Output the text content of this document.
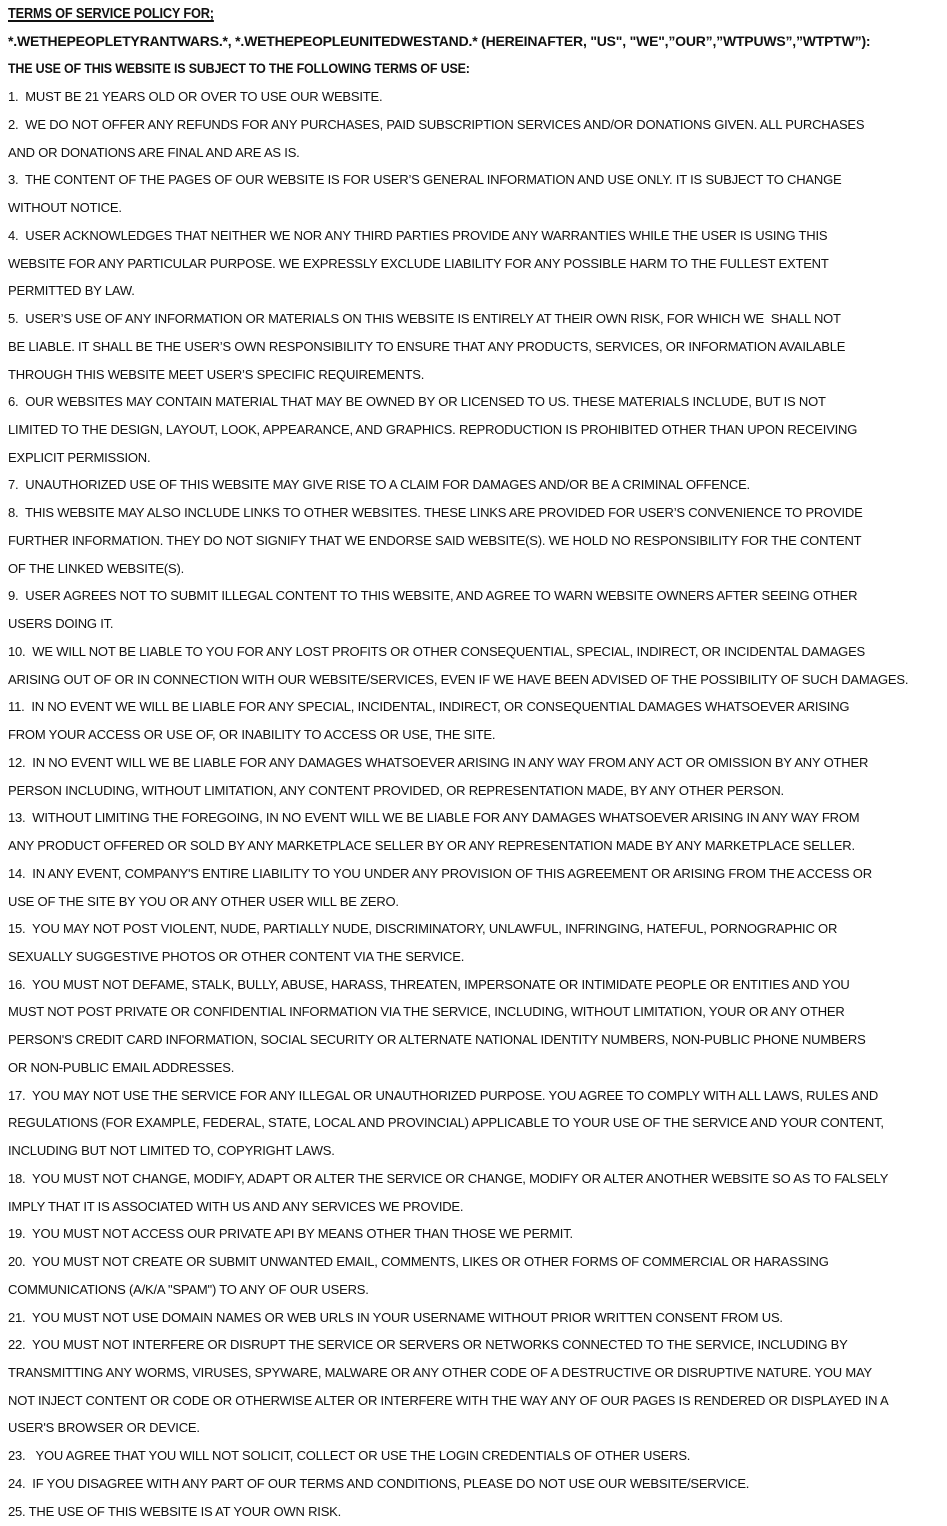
TERMS OF SERVICE POLICY FOR;
*.WETHEPEOPLETYRANTWARS.*, *.WETHEPEOPLEUNITEDWESTAND.* (HEREINAFTER, "US", "WE",”OUR”,”WTPUWS”,”WTPTW”):
THE USE OF THIS WEBSITE IS SUBJECT TO THE FOLLOWING TERMS OF USE:
1.  MUST BE 21 YEARS OLD OR OVER TO USE OUR WEBSITE.
2.  WE DO NOT OFFER ANY REFUNDS FOR ANY PURCHASES, PAID SUBSCRIPTION SERVICES AND/OR DONATIONS GIVEN. ALL PURCHASES
AND OR DONATIONS ARE FINAL AND ARE AS IS.
3.  THE CONTENT OF THE PAGES OF OUR WEBSITE IS FOR USER’S GENERAL INFORMATION AND USE ONLY. IT IS SUBJECT TO CHANGE
WITHOUT NOTICE.
4.  USER ACKNOWLEDGES THAT NEITHER WE NOR ANY THIRD PARTIES PROVIDE ANY WARRANTIES WHILE THE USER IS USING THIS
WEBSITE FOR ANY PARTICULAR PURPOSE. WE EXPRESSLY EXCLUDE LIABILITY FOR ANY POSSIBLE HARM TO THE FULLEST EXTENT
PERMITTED BY LAW.
5.  USER’S USE OF ANY INFORMATION OR MATERIALS ON THIS WEBSITE IS ENTIRELY AT THEIR OWN RISK, FOR WHICH WE  SHALL NOT
BE LIABLE. IT SHALL BE THE USER’S OWN RESPONSIBILITY TO ENSURE THAT ANY PRODUCTS, SERVICES, OR INFORMATION AVAILABLE
THROUGH THIS WEBSITE MEET USER’S SPECIFIC REQUIREMENTS.
6.  OUR WEBSITES MAY CONTAIN MATERIAL THAT MAY BE OWNED BY OR LICENSED TO US. THESE MATERIALS INCLUDE, BUT IS NOT
LIMITED TO THE DESIGN, LAYOUT, LOOK, APPEARANCE, AND GRAPHICS. REPRODUCTION IS PROHIBITED OTHER THAN UPON RECEIVING
EXPLICIT PERMISSION.
7.  UNAUTHORIZED USE OF THIS WEBSITE MAY GIVE RISE TO A CLAIM FOR DAMAGES AND/OR BE A CRIMINAL OFFENCE.
8.  THIS WEBSITE MAY ALSO INCLUDE LINKS TO OTHER WEBSITES. THESE LINKS ARE PROVIDED FOR USER’S CONVENIENCE TO PROVIDE
FURTHER INFORMATION. THEY DO NOT SIGNIFY THAT WE ENDORSE SAID WEBSITE(S). WE HOLD NO RESPONSIBILITY FOR THE CONTENT
OF THE LINKED WEBSITE(S).
9.  USER AGREES NOT TO SUBMIT ILLEGAL CONTENT TO THIS WEBSITE, AND AGREE TO WARN WEBSITE OWNERS AFTER SEEING OTHER
USERS DOING IT.
10.  WE WILL NOT BE LIABLE TO YOU FOR ANY LOST PROFITS OR OTHER CONSEQUENTIAL, SPECIAL, INDIRECT, OR INCIDENTAL DAMAGES
ARISING OUT OF OR IN CONNECTION WITH OUR WEBSITE/SERVICES, EVEN IF WE HAVE BEEN ADVISED OF THE POSSIBILITY OF SUCH DAMAGES.
11.  IN NO EVENT WE WILL BE LIABLE FOR ANY SPECIAL, INCIDENTAL, INDIRECT, OR CONSEQUENTIAL DAMAGES WHATSOEVER ARISING
FROM YOUR ACCESS OR USE OF, OR INABILITY TO ACCESS OR USE, THE SITE.
12.  IN NO EVENT WILL WE BE LIABLE FOR ANY DAMAGES WHATSOEVER ARISING IN ANY WAY FROM ANY ACT OR OMISSION BY ANY OTHER
PERSON INCLUDING, WITHOUT LIMITATION, ANY CONTENT PROVIDED, OR REPRESENTATION MADE, BY ANY OTHER PERSON.
13.  WITHOUT LIMITING THE FOREGOING, IN NO EVENT WILL WE BE LIABLE FOR ANY DAMAGES WHATSOEVER ARISING IN ANY WAY FROM
ANY PRODUCT OFFERED OR SOLD BY ANY MARKETPLACE SELLER BY OR ANY REPRESENTATION MADE BY ANY MARKETPLACE SELLER.
14.  IN ANY EVENT, COMPANY'S ENTIRE LIABILITY TO YOU UNDER ANY PROVISION OF THIS AGREEMENT OR ARISING FROM THE ACCESS OR
USE OF THE SITE BY YOU OR ANY OTHER USER WILL BE ZERO.
15.  YOU MAY NOT POST VIOLENT, NUDE, PARTIALLY NUDE, DISCRIMINATORY, UNLAWFUL, INFRINGING, HATEFUL, PORNOGRAPHIC OR
SEXUALLY SUGGESTIVE PHOTOS OR OTHER CONTENT VIA THE SERVICE.
16.  YOU MUST NOT DEFAME, STALK, BULLY, ABUSE, HARASS, THREATEN, IMPERSONATE OR INTIMIDATE PEOPLE OR ENTITIES AND YOU
MUST NOT POST PRIVATE OR CONFIDENTIAL INFORMATION VIA THE SERVICE, INCLUDING, WITHOUT LIMITATION, YOUR OR ANY OTHER
PERSON'S CREDIT CARD INFORMATION, SOCIAL SECURITY OR ALTERNATE NATIONAL IDENTITY NUMBERS, NON-PUBLIC PHONE NUMBERS
OR NON-PUBLIC EMAIL ADDRESSES.
17.  YOU MAY NOT USE THE SERVICE FOR ANY ILLEGAL OR UNAUTHORIZED PURPOSE. YOU AGREE TO COMPLY WITH ALL LAWS, RULES AND
REGULATIONS (FOR EXAMPLE, FEDERAL, STATE, LOCAL AND PROVINCIAL) APPLICABLE TO YOUR USE OF THE SERVICE AND YOUR CONTENT,
INCLUDING BUT NOT LIMITED TO, COPYRIGHT LAWS.
18.  YOU MUST NOT CHANGE, MODIFY, ADAPT OR ALTER THE SERVICE OR CHANGE, MODIFY OR ALTER ANOTHER WEBSITE SO AS TO FALSELY
IMPLY THAT IT IS ASSOCIATED WITH US AND ANY SERVICES WE PROVIDE.
19.  YOU MUST NOT ACCESS OUR PRIVATE API BY MEANS OTHER THAN THOSE WE PERMIT.
20.  YOU MUST NOT CREATE OR SUBMIT UNWANTED EMAIL, COMMENTS, LIKES OR OTHER FORMS OF COMMERCIAL OR HARASSING
COMMUNICATIONS (A/K/A "SPAM") TO ANY OF OUR USERS.
21.  YOU MUST NOT USE DOMAIN NAMES OR WEB URLS IN YOUR USERNAME WITHOUT PRIOR WRITTEN CONSENT FROM US.
22.  YOU MUST NOT INTERFERE OR DISRUPT THE SERVICE OR SERVERS OR NETWORKS CONNECTED TO THE SERVICE, INCLUDING BY
TRANSMITTING ANY WORMS, VIRUSES, SPYWARE, MALWARE OR ANY OTHER CODE OF A DESTRUCTIVE OR DISRUPTIVE NATURE. YOU MAY
NOT INJECT CONTENT OR CODE OR OTHERWISE ALTER OR INTERFERE WITH THE WAY ANY OF OUR PAGES IS RENDERED OR DISPLAYED IN A
USER'S BROWSER OR DEVICE.
23.   YOU AGREE THAT YOU WILL NOT SOLICIT, COLLECT OR USE THE LOGIN CREDENTIALS OF OTHER USERS.
24.  IF YOU DISAGREE WITH ANY PART OF OUR TERMS AND CONDITIONS, PLEASE DO NOT USE OUR WEBSITE/SERVICE.
25. THE USE OF THIS WEBSITE IS AT YOUR OWN RISK.
